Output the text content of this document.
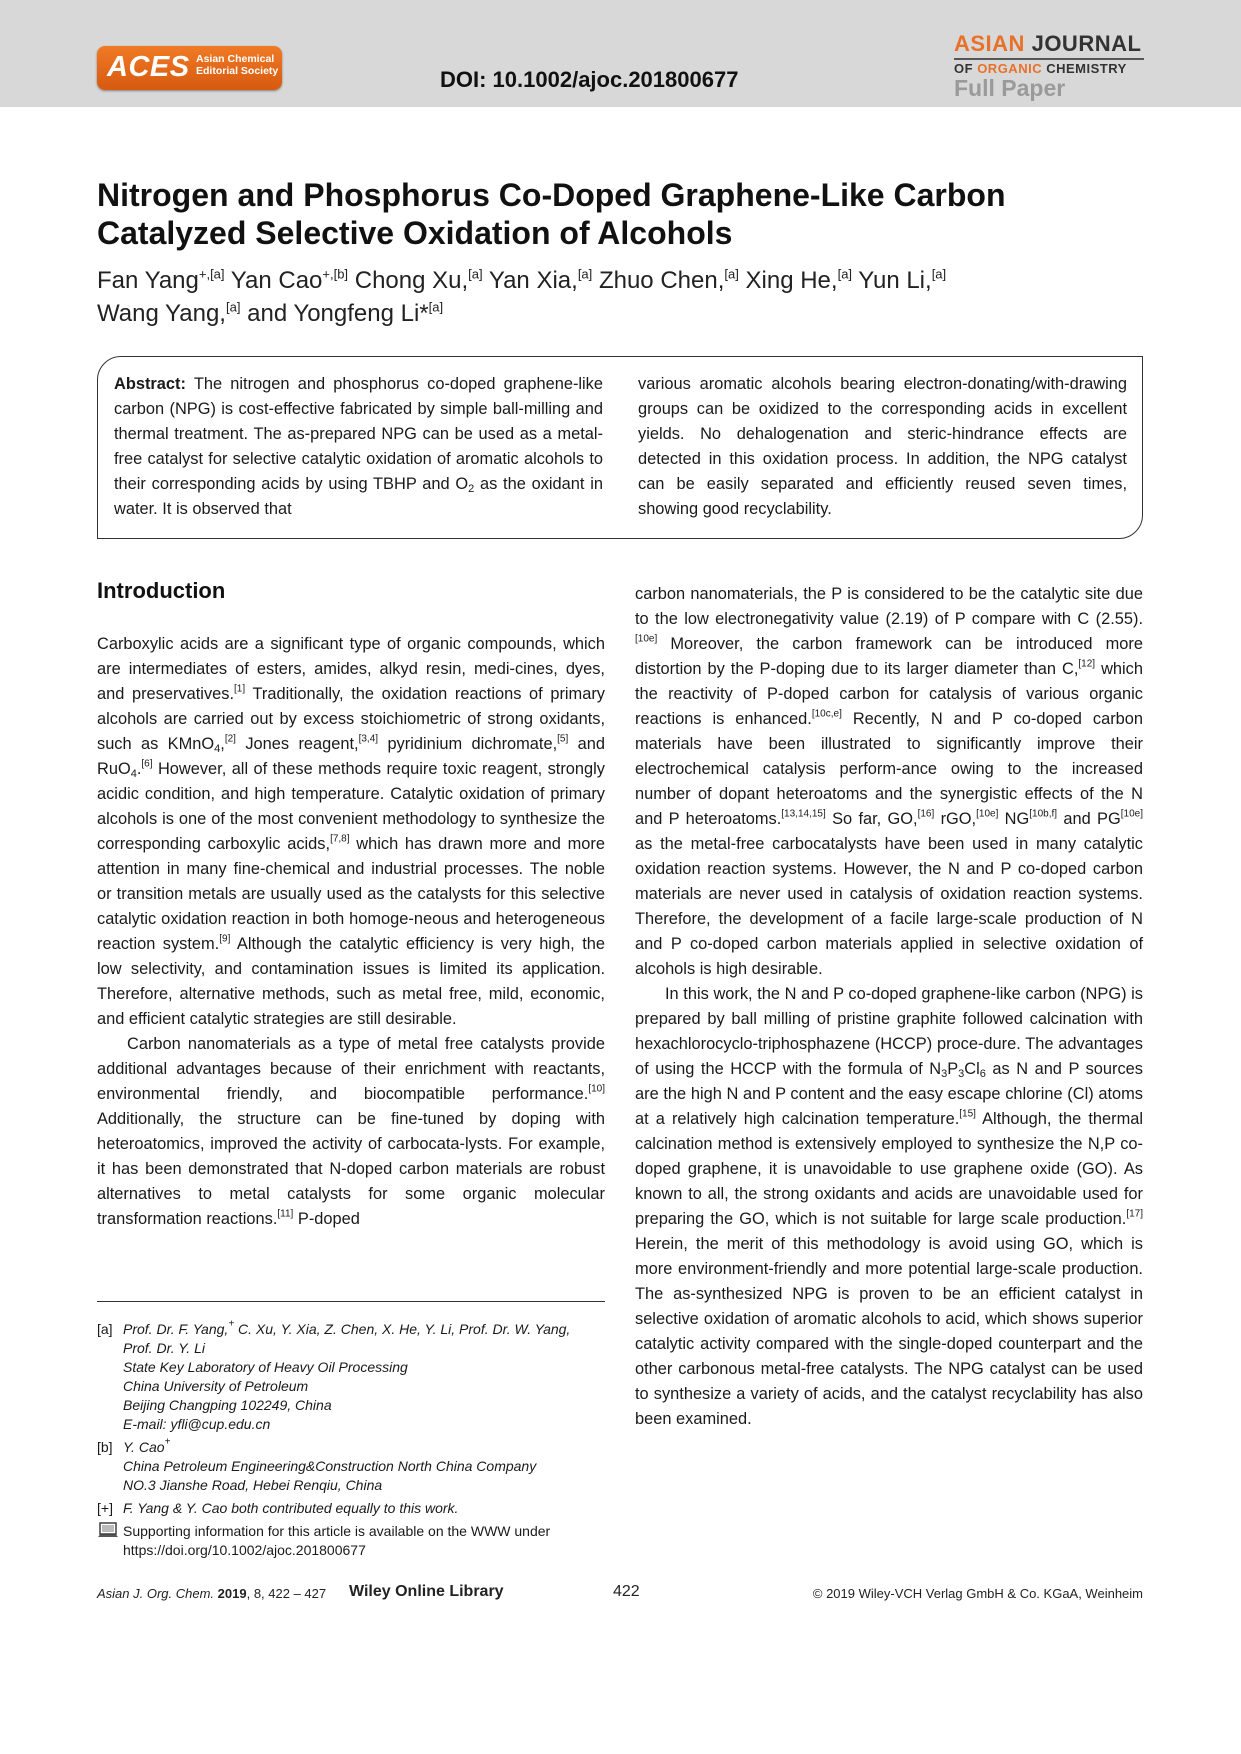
ACES Asian Chemical
Editorial Society	DOI: 10.1002/ajoc.201800677
ASIAN JOURNAL
OF ORGANIC CHEMISTRY
Full Paper
Nitrogen and Phosphorus Co-Doped Graphene-Like Carbon
Catalyzed Selective Oxidation of Alcohols
Fan Yang$^{+,[a]}$ Yan Cao$^{+,[b]}$ Chong Xu,[a] Yan Xia,[a] Zhuo Chen,[a] Xing He,[a] Yun Li,[a]
Wang Yang,[a] and Yongfeng Li*[a]
Abstract: The nitrogen and phosphorus co-doped graphene-like carbon (NPG) is cost-effective fabricated by simple ball-milling and thermal treatment. The as-prepared NPG can be used as a metal-free catalyst for selective catalytic oxidation of aromatic alcohols to their corresponding acids by using TBHP and $O_2$ as the oxidant in water. It is observed that
various aromatic alcohols bearing electron-donating/with-drawing groups can be oxidized to the corresponding acids in excellent yields. No dehalogenation and steric-hindrance effects are detected in this oxidation process. In addition, the NPG catalyst can be easily separated and efficiently reused seven times, showing good recyclability.
Introduction

Carboxylic acids are a significant type of organic compounds, which are intermediates of esters, amides, alkyd resin, medi-cines, dyes, and preservatives.[1] Traditionally, the oxidation reactions of primary alcohols are carried out by excess stoichiometric of strong oxidants, such as KMnO$_4$,[2] Jones reagent,[3,4] pyridinium dichromate,[5] and RuO$_4$.[6] However, all of these methods require toxic reagent, strongly acidic condition, and high temperature. Catalytic oxidation of primary alcohols is one of the most convenient methodology to synthesize the corresponding carboxylic acids,[7,8] which has drawn more and more attention in many fine-chemical and industrial processes. The noble or transition metals are usually used as the catalysts for this selective catalytic oxidation reaction in both homoge-neous and heterogeneous reaction system.[9] Although the catalytic efficiency is very high, the low selectivity, and contamination issues is limited its application. Therefore, alternative methods, such as metal free, mild, economic, and efficient catalytic strategies are still desirable.

Carbon nanomaterials as a type of metal free catalysts provide additional advantages because of their enrichment with reactants, environmental friendly, and biocompatible performance.[10] Additionally, the structure can be fine-tuned by doping with heteroatomics, improved the activity of carbocata-lysts. For example, it has been demonstrated that N-doped carbon materials are robust alternatives to metal catalysts for some organic molecular transformation reactions.[11] P-doped

carbon nanomaterials, the P is considered to be the catalytic site due to the low electronegativity value (2.19) of P compare with C (2.55).[10e] Moreover, the carbon framework can be introduced more distortion by the P-doping due to its larger diameter than C,[12] which the reactivity of P-doped carbon for catalysis of various organic reactions is enhanced.[10c,e] Recently, N and P co-doped carbon materials have been illustrated to significantly improve their electrochemical catalysis perform-ance owing to the increased number of dopant heteroatoms and the synergistic effects of the N and P heteroatoms.[13,14,15] So far, GO,[16] rGO,[10e] NG[10b,f] and PG[10e] as the metal-free carbocatalysts have been used in many catalytic oxidation reaction systems. However, the N and P co-doped carbon materials are never used in catalysis of oxidation reaction systems. Therefore, the development of a facile large-scale production of N and P co-doped carbon materials applied in selective oxidation of alcohols is high desirable.

In this work, the N and P co-doped graphene-like carbon (NPG) is prepared by ball milling of pristine graphite followed calcination with hexachlorocyclo-triphosphazene (HCCP) proce-dure. The advantages of using the HCCP with the formula of $N_3P_3Cl_6$ as N and P sources are the high N and P content and the easy escape chlorine (Cl) atoms at a relatively high calcination temperature.[15] Although, the thermal calcination method is extensively employed to synthesize the N,P co-doped graphene, it is unavoidable to use graphene oxide (GO). As known to all, the strong oxidants and acids are unavoidable used for preparing the GO, which is not suitable for large scale production.[17] Herein, the merit of this methodology is avoid using GO, which is more environment-friendly and more potential large-scale production. The as-synthesized NPG is proven to be an efficient catalyst in selective oxidation of aromatic alcohols to acid, which shows superior catalytic activity compared with the single-doped counterpart and the other carbonous metal-free catalysts. The NPG catalyst can be used to synthesize a variety of acids, and the catalyst recyclability has also been examined.

[a] Prof. Dr. F. Yang,+ C. Xu, Y. Xia, Z. Chen, X. He, Y. Li, Prof. Dr. W. Yang,
Prof. Dr. Y. Li
State Key Laboratory of Heavy Oil Processing
China University of Petroleum
Beijing Changping 102249, China
E-mail: yfli@cup.edu.cn
[b] Y. Cao+
China Petroleum Engineering&Construction North China Company
NO.3 Jianshe Road, Hebei Renqiu, China
[+] F. Yang & Y. Cao both contributed equally to this work.
Supporting information for this article is available on the WWW under
https://doi.org/10.1002/ajoc.201800677
Asian J. Org. Chem. 2019, 8, 422 – 427 Wiley Online Library	422	© 2019 Wiley-VCH Verlag GmbH & Co. KGaA, Weinheim
